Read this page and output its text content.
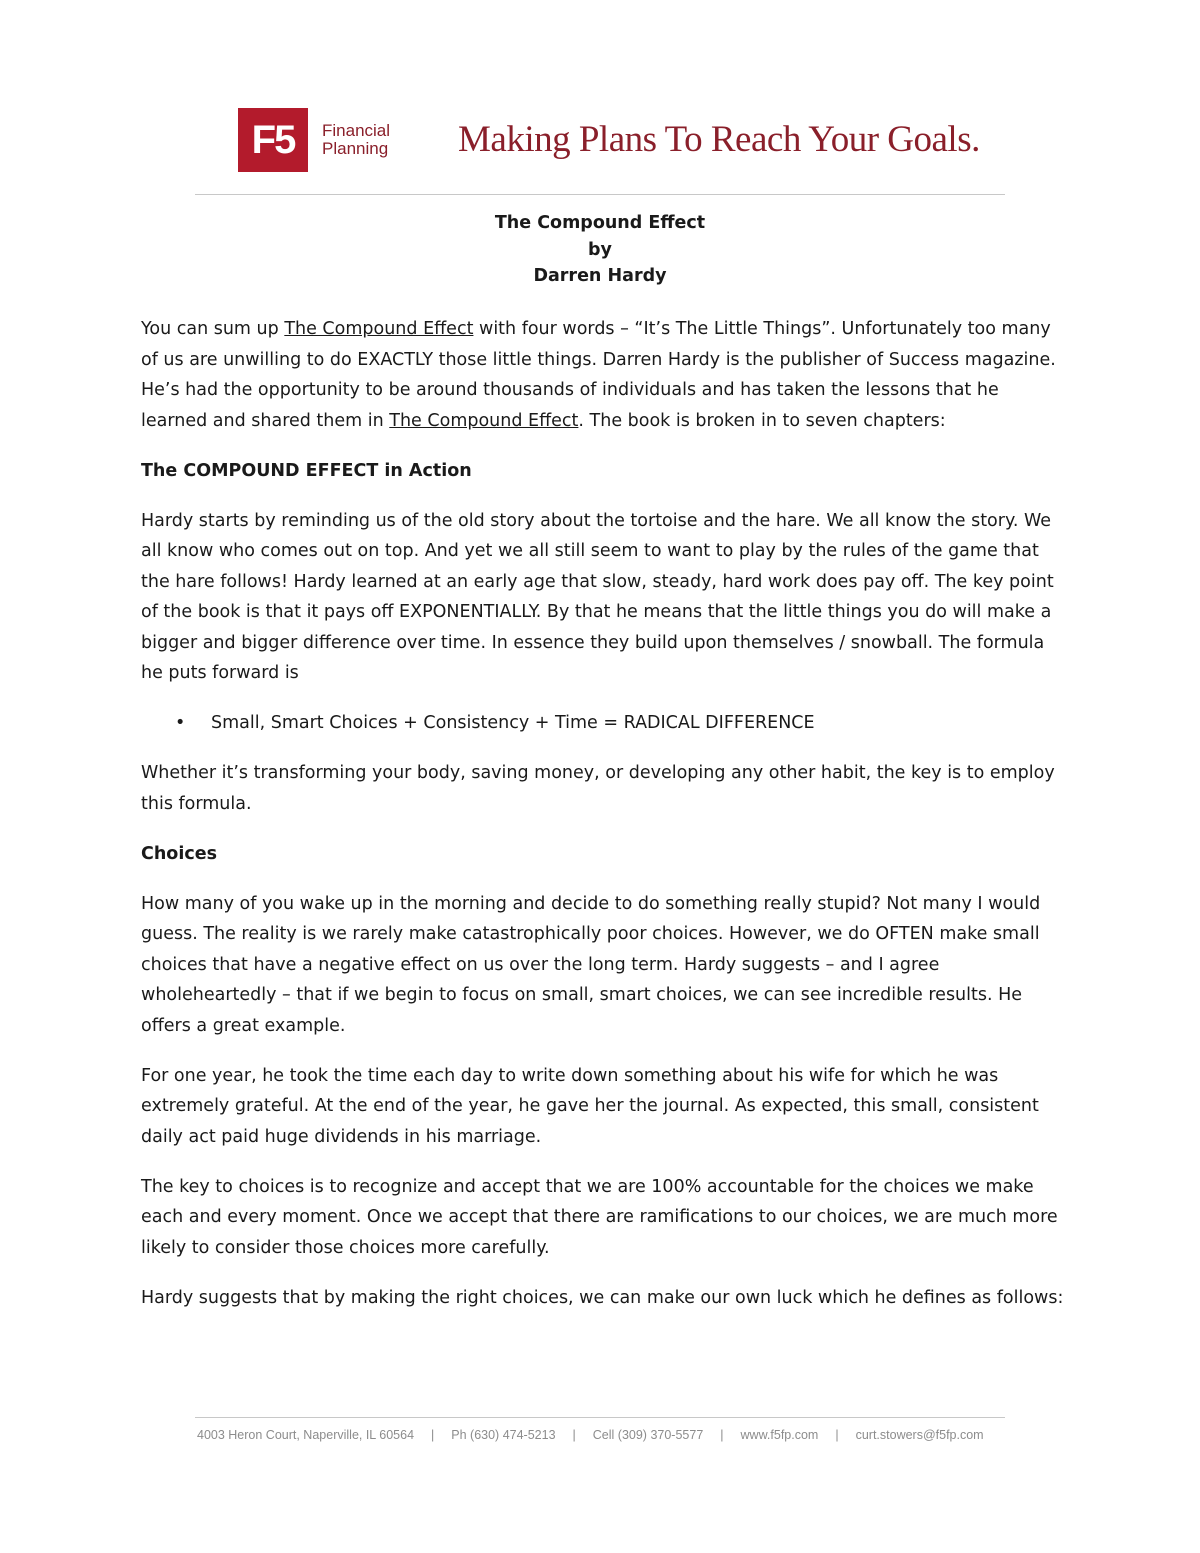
F5	Financial
Planning Making Plans To Reach Your Goals.
The Compound Effect
by
Darren Hardy

You can sum up The Compound Effect with four words – “It’s The Little Things”. Unfortunately too many of us are unwilling to do EXACTLY those little things. Darren Hardy is the publisher of Success magazine. He’s had the opportunity to be around thousands of individuals and has taken the lessons that he learned and shared them in The Compound Effect. The book is broken in to seven chapters:

The COMPOUND EFFECT in Action

Hardy starts by reminding us of the old story about the tortoise and the hare. We all know the story. We all know who comes out on top. And yet we all still seem to want to play by the rules of the game that the hare follows! Hardy learned at an early age that slow, steady, hard work does pay off. The key point of the book is that it pays off EXPONENTIALLY. By that he means that the little things you do will make a bigger and bigger difference over time. In essence they build upon themselves / snowball. The formula he puts forward is

• Small, Smart Choices + Consistency + Time = RADICAL DIFFERENCE

Whether it’s transforming your body, saving money, or developing any other habit, the key is to employ this formula.

Choices

How many of you wake up in the morning and decide to do something really stupid? Not many I would guess. The reality is we rarely make catastrophically poor choices. However, we do OFTEN make small choices that have a negative effect on us over the long term. Hardy suggests – and I agree wholeheartedly – that if we begin to focus on small, smart choices, we can see incredible results. He offers a great example.

For one year, he took the time each day to write down something about his wife for which he was extremely grateful. At the end of the year, he gave her the journal. As expected, this small, consistent daily act paid huge dividends in his marriage.

The key to choices is to recognize and accept that we are 100% accountable for the choices we make each and every moment. Once we accept that there are ramifications to our choices, we are much more likely to consider those choices more carefully.

Hardy suggests that by making the right choices, we can make our own luck which he defines as follows:

4003 Heron Court, Naperville, IL 60564 | Ph (630) 474-5213 | Cell (309) 370-5577 | www.f5fp.com | curt.stowers@f5fp.com
